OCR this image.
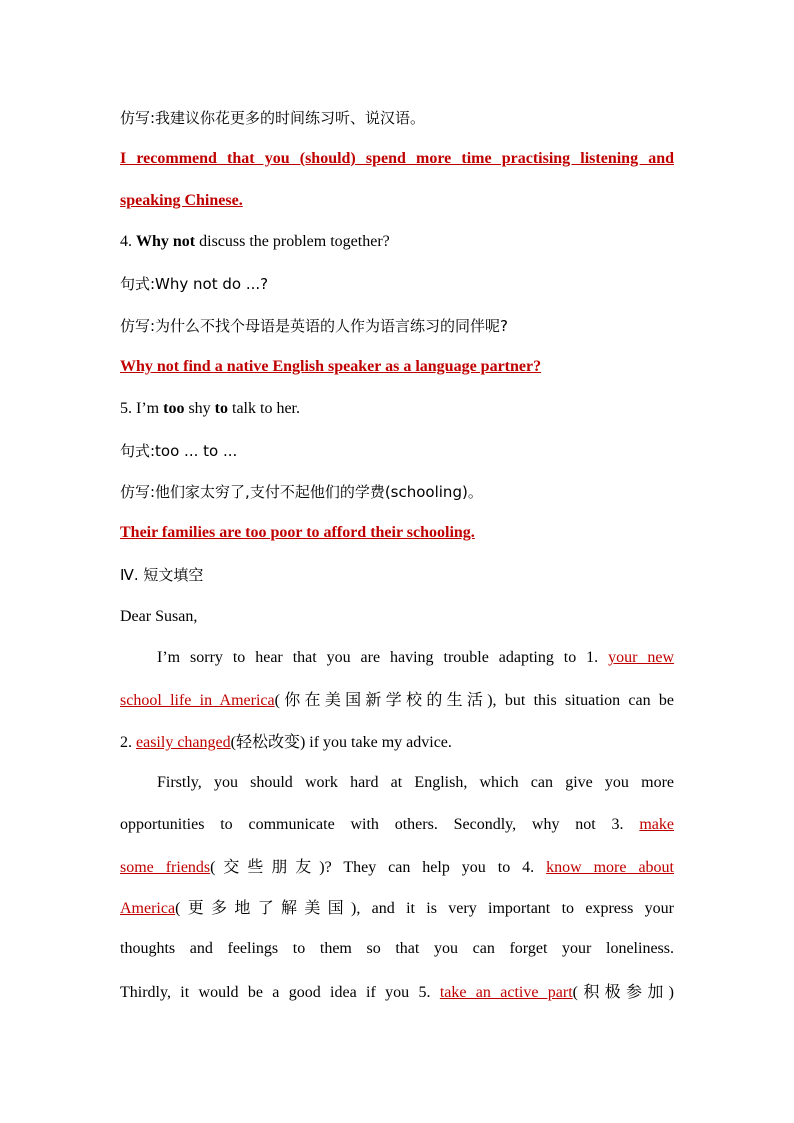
仿写:我建议你花更多的时间练习听、说汉语。
I recommend that you (should) spend more time practising listening and
speaking Chinese.
4. Why not discuss the problem together?
句式:Why not do ...?
仿写:为什么不找个母语是英语的人作为语言练习的同伴呢?
Why not find a native English speaker as a language partner?
5. I’m too shy to talk to her.
句式:too ... to ...
仿写:他们家太穷了,支付不起他们的学费(schooling)。
Their families are too poor to afford their schooling.
Ⅳ. 短文填空
Dear Susan,
I’m sorry to hear that you are having trouble adapting to 1. your new
school life in America(你在美国新学校的生活), but this situation can be
2. easily changed(轻松改变) if you take my advice.
Firstly, you should work hard at English, which can give you more
opportunities to communicate with others. Secondly, why not 3. make
some friends(交些朋友)? They can help you to 4. know more about
America(更多地了解美国), and it is very important to express your
thoughts and feelings to them so that you can forget your loneliness.
Thirdly, it would be a good idea if you 5. take an active part(积极参加)
